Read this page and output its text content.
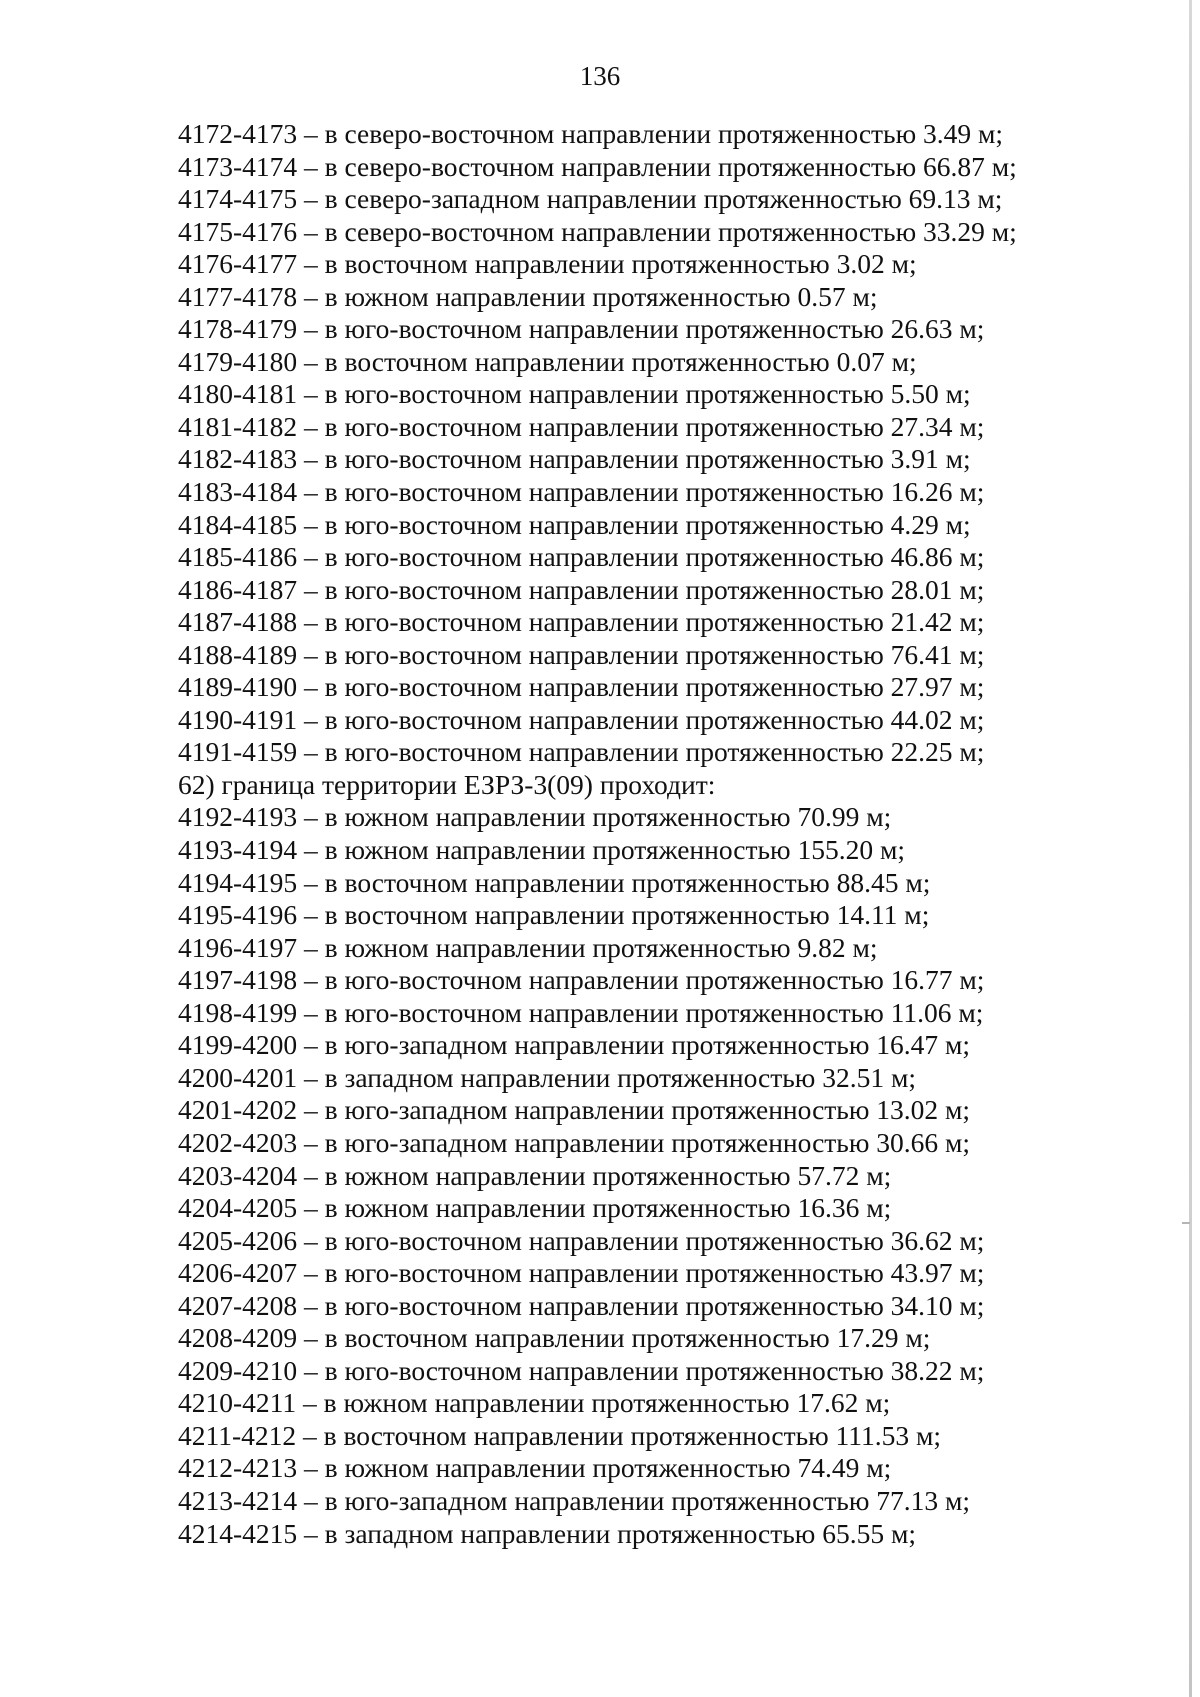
136
4172-4173 – в северо-восточном направлении протяженностью 3.49 м;
4173-4174 – в северо-восточном направлении протяженностью 66.87 м;
4174-4175 – в северо-западном направлении протяженностью 69.13 м;
4175-4176 – в северо-восточном направлении протяженностью 33.29 м;
4176-4177 – в восточном направлении протяженностью 3.02 м;
4177-4178 – в южном направлении протяженностью 0.57 м;
4178-4179 – в юго-восточном направлении протяженностью 26.63 м;
4179-4180 – в восточном направлении протяженностью 0.07 м;
4180-4181 – в юго-восточном направлении протяженностью 5.50 м;
4181-4182 – в юго-восточном направлении протяженностью 27.34 м;
4182-4183 – в юго-восточном направлении протяженностью 3.91 м;
4183-4184 – в юго-восточном направлении протяженностью 16.26 м;
4184-4185 – в юго-восточном направлении протяженностью 4.29 м;
4185-4186 – в юго-восточном направлении протяженностью 46.86 м;
4186-4187 – в юго-восточном направлении протяженностью 28.01 м;
4187-4188 – в юго-восточном направлении протяженностью 21.42 м;
4188-4189 – в юго-восточном направлении протяженностью 76.41 м;
4189-4190 – в юго-восточном направлении протяженностью 27.97 м;
4190-4191 – в юго-восточном направлении протяженностью 44.02 м;
4191-4159 – в юго-восточном направлении протяженностью 22.25 м;
62) граница территории ЕЗРЗ-3(09) проходит:
4192-4193 – в южном направлении протяженностью 70.99 м;
4193-4194 – в южном направлении протяженностью 155.20 м;
4194-4195 – в восточном направлении протяженностью 88.45 м;
4195-4196 – в восточном направлении протяженностью 14.11 м;
4196-4197 – в южном направлении протяженностью 9.82 м;
4197-4198 – в юго-восточном направлении протяженностью 16.77 м;
4198-4199 – в юго-восточном направлении протяженностью 11.06 м;
4199-4200 – в юго-западном направлении протяженностью 16.47 м;
4200-4201 – в западном направлении протяженностью 32.51 м;
4201-4202 – в юго-западном направлении протяженностью 13.02 м;
4202-4203 – в юго-западном направлении протяженностью 30.66 м;
4203-4204 – в южном направлении протяженностью 57.72 м;
4204-4205 – в южном направлении протяженностью 16.36 м;
4205-4206 – в юго-восточном направлении протяженностью 36.62 м;
4206-4207 – в юго-восточном направлении протяженностью 43.97 м;
4207-4208 – в юго-восточном направлении протяженностью 34.10 м;
4208-4209 – в восточном направлении протяженностью 17.29 м;
4209-4210 – в юго-восточном направлении протяженностью 38.22 м;
4210-4211 – в южном направлении протяженностью 17.62 м;
4211-4212 – в восточном направлении протяженностью 111.53 м;
4212-4213 – в южном направлении протяженностью 74.49 м;
4213-4214 – в юго-западном направлении протяженностью 77.13 м;
4214-4215 – в западном направлении протяженностью 65.55 м;
